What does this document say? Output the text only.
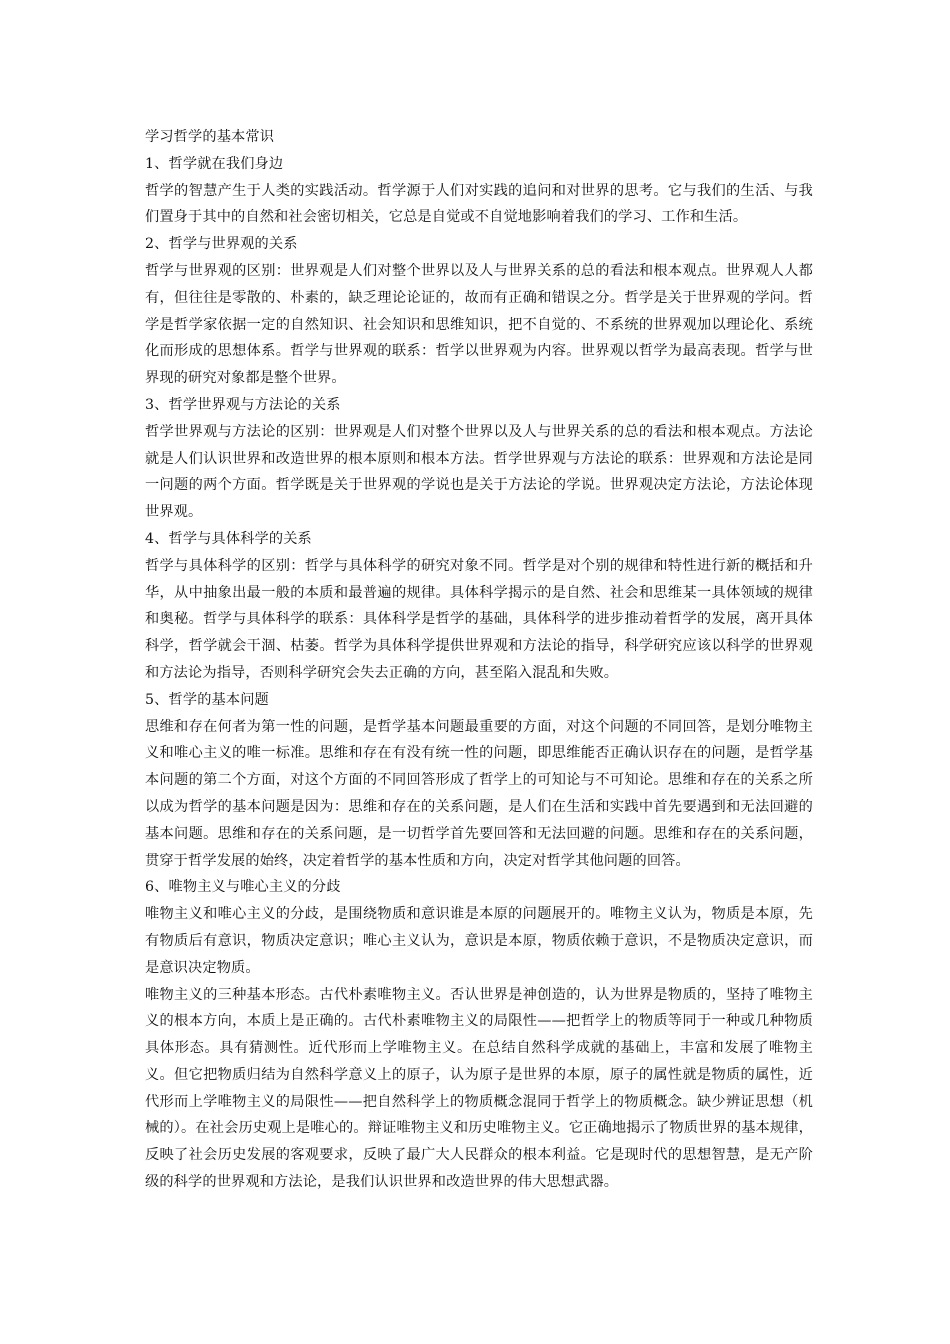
学习哲学的基本常识

1、哲学就在我们身边

哲学的智慧产生于人类的实践活动。哲学源于人们对实践的追问和对世界的思考。它与我们的生活、与我们置身于其中的自然和社会密切相关，它总是自觉或不自觉地影响着我们的学习、工作和生活。

2、哲学与世界观的关系

哲学与世界观的区别：世界观是人们对整个世界以及人与世界关系的总的看法和根本观点。世界观人人都有，但往往是零散的、朴素的，缺乏理论论证的，故而有正确和错误之分。哲学是关于世界观的学问。哲学是哲学家依据一定的自然知识、社会知识和思维知识，把不自觉的、不系统的世界观加以理论化、系统化而形成的思想体系。哲学与世界观的联系：哲学以世界观为内容。世界观以哲学为最高表现。哲学与世界现的研究对象都是整个世界。

3、哲学世界观与方法论的关系

哲学世界观与方法论的区别：世界观是人们对整个世界以及人与世界关系的总的看法和根本观点。方法论就是人们认识世界和改造世界的根本原则和根本方法。哲学世界观与方法论的联系：世界观和方法论是同一问题的两个方面。哲学既是关于世界观的学说也是关于方法论的学说。世界观决定方法论，方法论体现世界观。

4、哲学与具体科学的关系

哲学与具体科学的区别：哲学与具体科学的研究对象不同。哲学是对个别的规律和特性进行新的概括和升华，从中抽象出最一般的本质和最普遍的规律。具体科学揭示的是自然、社会和思维某一具体领域的规律和奥秘。哲学与具体科学的联系：具体科学是哲学的基础，具体科学的进步推动着哲学的发展，离开具体科学，哲学就会干涸、枯萎。哲学为具体科学提供世界观和方法论的指导，科学研究应该以科学的世界观和方法论为指导，否则科学研究会失去正确的方向，甚至陷入混乱和失败。

5、哲学的基本问题

思维和存在何者为第一性的问题，是哲学基本问题最重要的方面，对这个问题的不同回答，是划分唯物主义和唯心主义的唯一标准。思维和存在有没有统一性的问题，即思维能否正确认识存在的问题，是哲学基本问题的第二个方面，对这个方面的不同回答形成了哲学上的可知论与不可知论。思维和存在的关系之所以成为哲学的基本问题是因为：思维和存在的关系问题，是人们在生活和实践中首先要遇到和无法回避的基本问题。思维和存在的关系问题，是一切哲学首先要回答和无法回避的问题。思维和存在的关系问题，贯穿于哲学发展的始终，决定着哲学的基本性质和方向，决定对哲学其他问题的回答。

6、唯物主义与唯心主义的分歧

唯物主义和唯心主义的分歧，是围绕物质和意识谁是本原的问题展开的。唯物主义认为，物质是本原，先有物质后有意识，物质决定意识；唯心主义认为，意识是本原，物质依赖于意识，不是物质决定意识，而是意识决定物质。

唯物主义的三种基本形态。古代朴素唯物主义。否认世界是神创造的，认为世界是物质的，坚持了唯物主义的根本方向，本质上是正确的。古代朴素唯物主义的局限性——把哲学上的物质等同于一种或几种物质具体形态。具有猜测性。近代形而上学唯物主义。在总结自然科学成就的基础上，丰富和发展了唯物主义。但它把物质归结为自然科学意义上的原子，认为原子是世界的本原，原子的属性就是物质的属性，近代形而上学唯物主义的局限性——把自然科学上的物质概念混同于哲学上的物质概念。缺少辨证思想（机械的）。在社会历史观上是唯心的。辩证唯物主义和历史唯物主义。它正确地揭示了物质世界的基本规律，反映了社会历史发展的客观要求，反映了最广大人民群众的根本利益。它是现时代的思想智慧，是无产阶级的科学的世界观和方法论，是我们认识世界和改造世界的伟大思想武器。
